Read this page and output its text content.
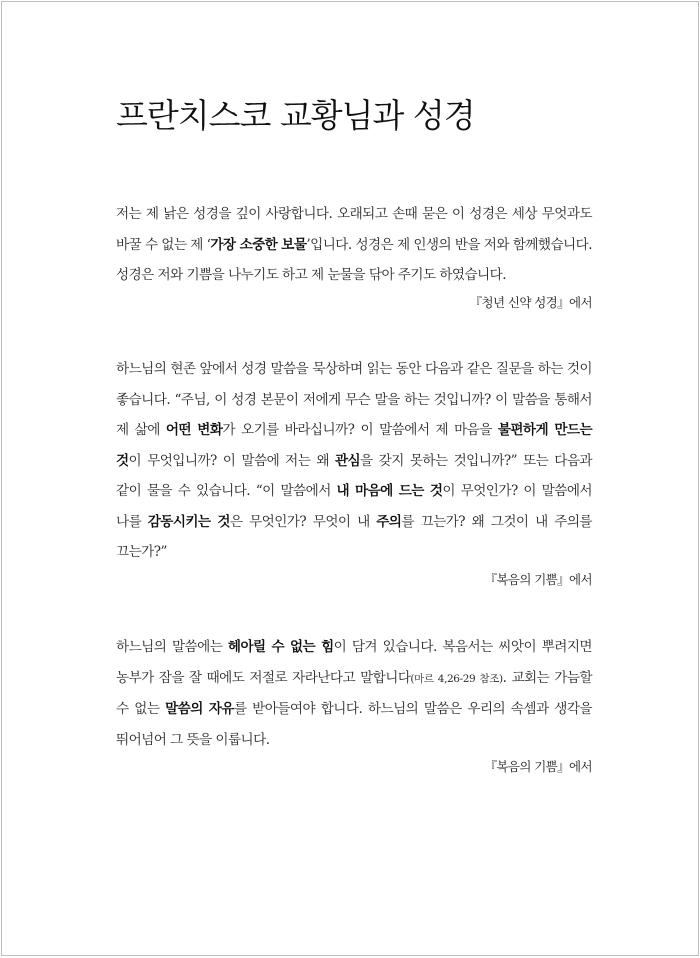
프란치스코 교황님과 성경

저는 제 낡은 성경을 깊이 사랑합니다. 오래되고 손때 묻은 이 성경은 세상 무엇과도 바꿀 수 없는 제 ‘가장 소중한 보물’입니다. 성경은 제 인생의 반을 저와 함께했습니다. 성경은 저와 기쁨을 나누기도 하고 제 눈물을 닦아 주기도 하였습니다.

『청년 신약 성경』에서

하느님의 현존 앞에서 성경 말씀을 묵상하며 읽는 동안 다음과 같은 질문을 하는 것이 좋습니다. “주님, 이 성경 본문이 저에게 무슨 말을 하는 것입니까? 이 말씀을 통해서 제 삶에 어떤 변화가 오기를 바라십니까? 이 말씀에서 제 마음을 불편하게 만드는 것이 무엇입니까? 이 말씀에 저는 왜 관심을 갖지 못하는 것입니까?” 또는 다음과 같이 물을 수 있습니다. “이 말씀에서 내 마음에 드는 것이 무엇인가? 이 말씀에서 나를 감동시키는 것은 무엇인가? 무엇이 내 주의를 끄는가? 왜 그것이 내 주의를 끄는가?”

『복음의 기쁨』에서

하느님의 말씀에는 헤아릴 수 없는 힘이 담겨 있습니다. 복음서는 씨앗이 뿌려지면 농부가 잠을 잘 때에도 저절로 자라난다고 말합니다(마르 4,26-29 참조). 교회는 가늠할 수 없는 말씀의 자유를 받아들여야 합니다. 하느님의 말씀은 우리의 속셈과 생각을 뛰어넘어 그 뜻을 이룹니다.

『복음의 기쁨』에서
